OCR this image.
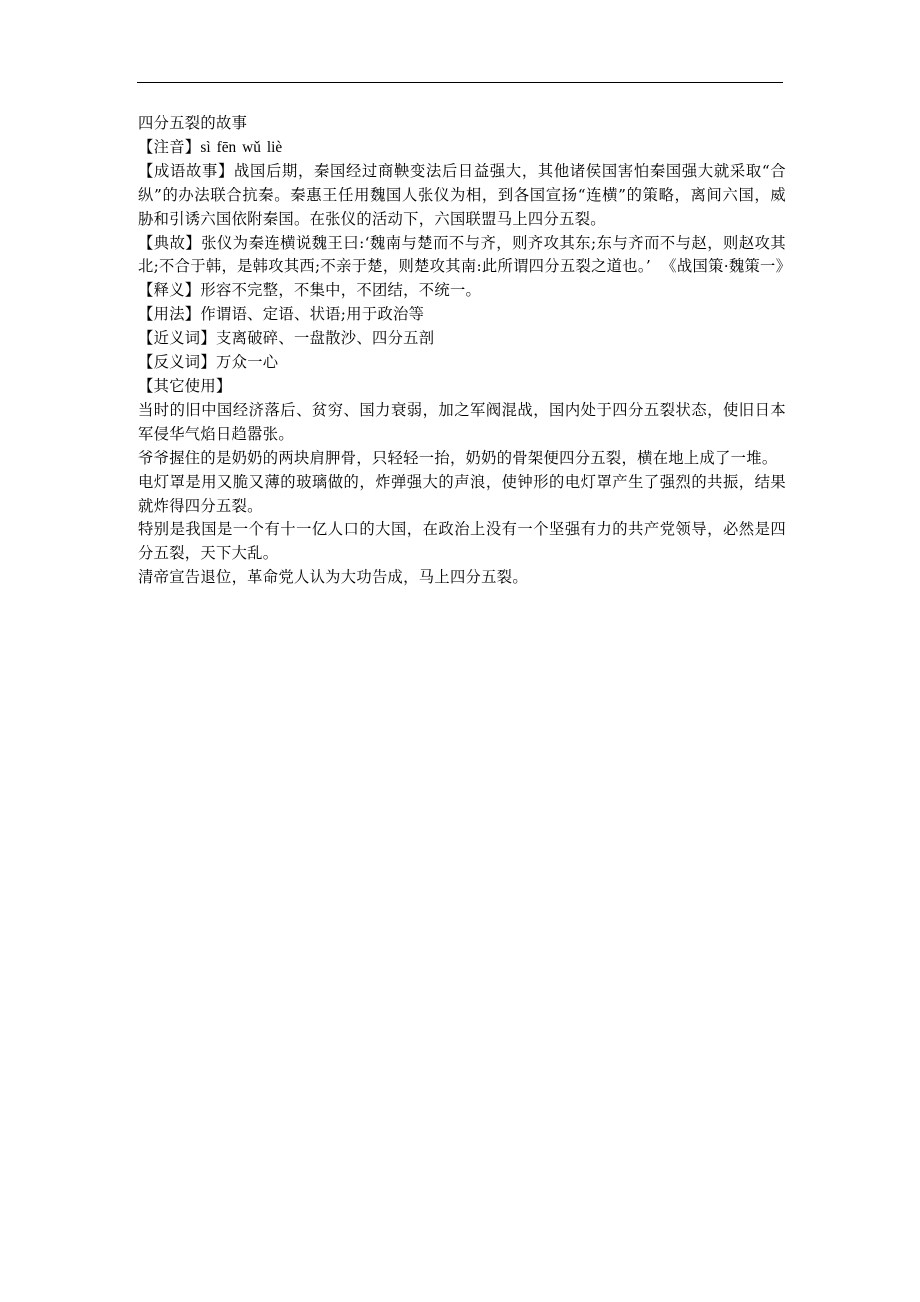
四分五裂的故事

【注音】sì fēn wǔ liè

【成语故事】战国后期，秦国经过商鞅变法后日益强大，其他诸侯国害怕秦国强大就采取“合纵”的办法联合抗秦。秦惠王任用魏国人张仪为相，到各国宣扬“连横”的策略，离间六国，威胁和引诱六国依附秦国。在张仪的活动下，六国联盟马上四分五裂。

【典故】张仪为秦连横说魏王曰:‘魏南与楚而不与齐，则齐攻其东;东与齐而不与赵，则赵攻其北;不合于韩，是韩攻其西;不亲于楚，则楚攻其南:此所谓四分五裂之道也。’  《战国策·魏策一》

【释义】形容不完整，不集中，不团结，不统一。

【用法】作谓语、定语、状语;用于政治等

【近义词】支离破碎、一盘散沙、四分五剖

【反义词】万众一心

【其它使用】

当时的旧中国经济落后、贫穷、国力衰弱，加之军阀混战，国内处于四分五裂状态，使旧日本军侵华气焰日趋嚣张。

爷爷握住的是奶奶的两块肩胛骨，只轻轻一抬，奶奶的骨架便四分五裂，横在地上成了一堆。

电灯罩是用又脆又薄的玻璃做的，炸弹强大的声浪，使钟形的电灯罩产生了强烈的共振，结果就炸得四分五裂。

特别是我国是一个有十一亿人口的大国，在政治上没有一个坚强有力的共产党领导，必然是四分五裂，天下大乱。

清帝宣告退位，革命党人认为大功告成，马上四分五裂。
